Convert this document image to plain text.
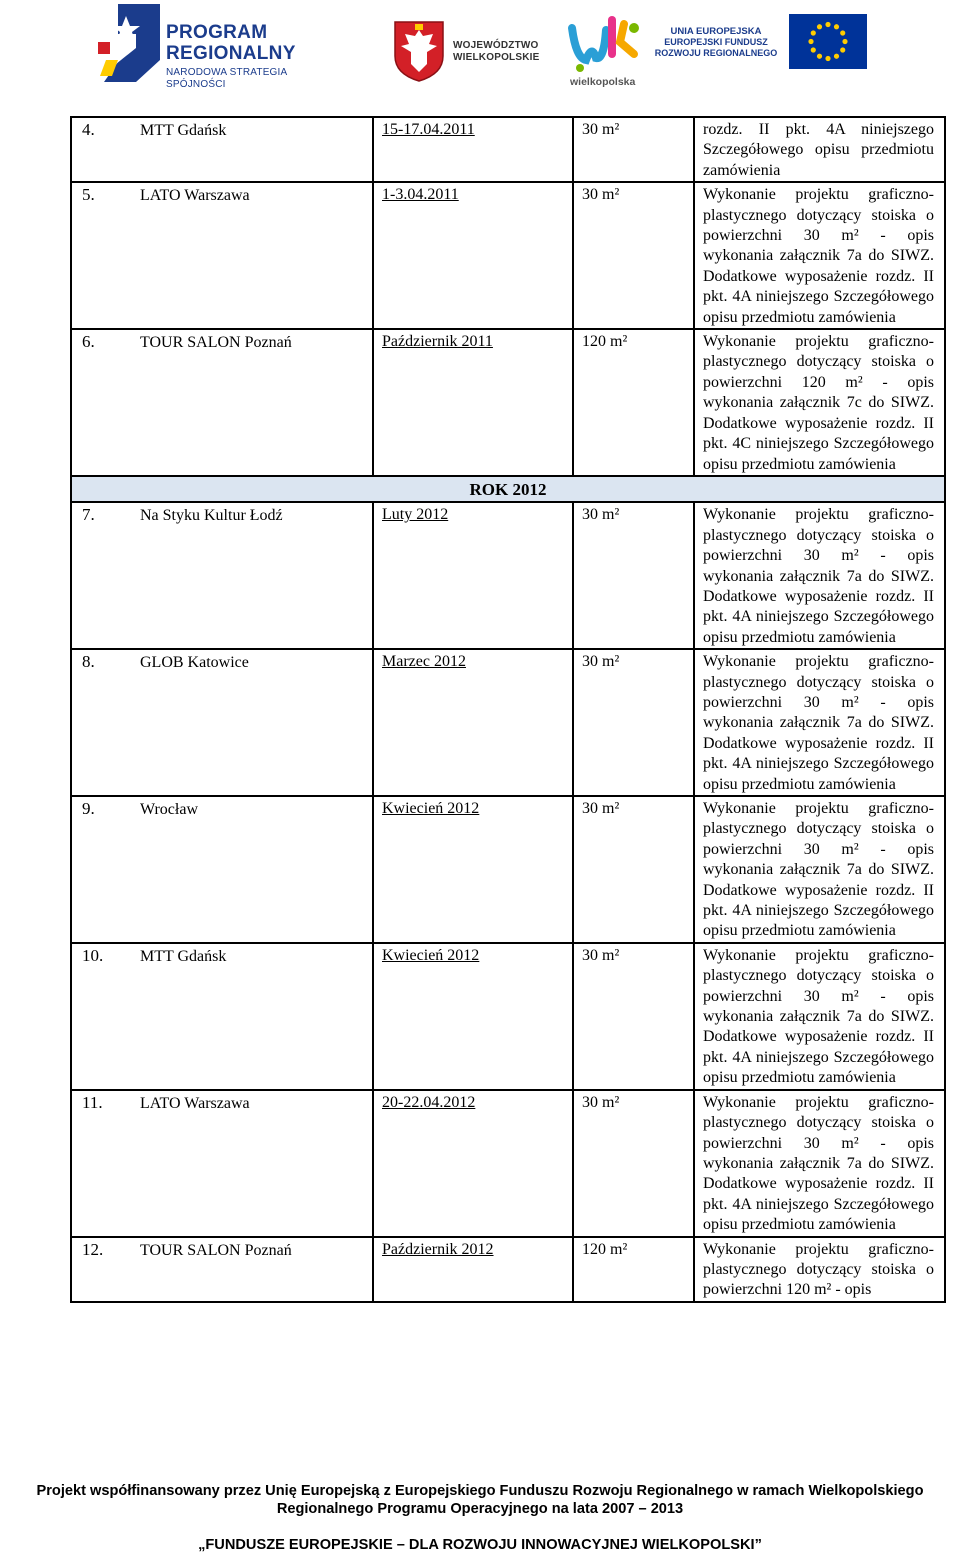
PROGRAM
REGIONALNY
NARODOWA STRATEGIA SPÓJNOŚCI
WOJEWÓDZTWO
WIELKOPOLSKIE
wielkopolska
UNIA EUROPEJSKA
EUROPEJSKI FUNDUSZ
ROZWOJU REGIONALNEGO
4. MTT Gdańsk	15-17.04.2011	30 m²	rozdz. II pkt. 4A niniejszego Szczegółowego opisu przedmiotu zamówienia
5. LATO Warszawa	1-3.04.2011	30 m²	Wykonanie projektu graficzno-plastycznego dotyczący stoiska o powierzchni 30 m² - opis wykonania załącznik 7a do SIWZ. Dodatkowe wyposażenie rozdz. II pkt. 4A niniejszego Szczegółowego opisu przedmiotu zamówienia
6. TOUR SALON Poznań	Październik 2011	120 m²	Wykonanie projektu graficzno-plastycznego dotyczący stoiska o powierzchni 120 m² - opis wykonania załącznik 7c do SIWZ. Dodatkowe wyposażenie rozdz. II pkt. 4C niniejszego Szczegółowego opisu przedmiotu zamówienia
ROK 2012			
7. Na Styku Kultur Łodź	Luty 2012	30 m²	Wykonanie projektu graficzno-plastycznego dotyczący stoiska o powierzchni 30 m² - opis wykonania załącznik 7a do SIWZ. Dodatkowe wyposażenie rozdz. II pkt. 4A niniejszego Szczegółowego opisu przedmiotu zamówienia
8. GLOB Katowice	Marzec 2012	30 m²	Wykonanie projektu graficzno-plastycznego dotyczący stoiska o powierzchni 30 m² - opis wykonania załącznik 7a do SIWZ. Dodatkowe wyposażenie rozdz. II pkt. 4A niniejszego Szczegółowego opisu przedmiotu zamówienia
9. Wrocław	Kwiecień 2012	30 m²	Wykonanie projektu graficzno-plastycznego dotyczący stoiska o powierzchni 30 m² - opis wykonania załącznik 7a do SIWZ. Dodatkowe wyposażenie rozdz. II pkt. 4A niniejszego Szczegółowego opisu przedmiotu zamówienia
10. MTT Gdańsk	Kwiecień 2012	30 m²	Wykonanie projektu graficzno-plastycznego dotyczący stoiska o powierzchni 30 m² - opis wykonania załącznik 7a do SIWZ. Dodatkowe wyposażenie rozdz. II pkt. 4A niniejszego Szczegółowego opisu przedmiotu zamówienia
11. LATO Warszawa	20-22.04.2012	30 m²	Wykonanie projektu graficzno-plastycznego dotyczący stoiska o powierzchni 30 m² - opis wykonania załącznik 7a do SIWZ. Dodatkowe wyposażenie rozdz. II pkt. 4A niniejszego Szczegółowego opisu przedmiotu zamówienia
12. TOUR SALON Poznań	Październik 2012	120 m²	Wykonanie projektu graficzno-plastycznego dotyczący stoiska o powierzchni 120 m² - opis
Projekt współfinansowany przez Unię Europejską z Europejskiego Funduszu Rozwoju Regionalnego w ramach Wielkopolskiego
Regionalnego Programu Operacyjnego na lata 2007 – 2013
„FUNDUSZE EUROPEJSKIE – DLA ROZWOJU INNOWACYJNEJ WIELKOPOLSKI”
